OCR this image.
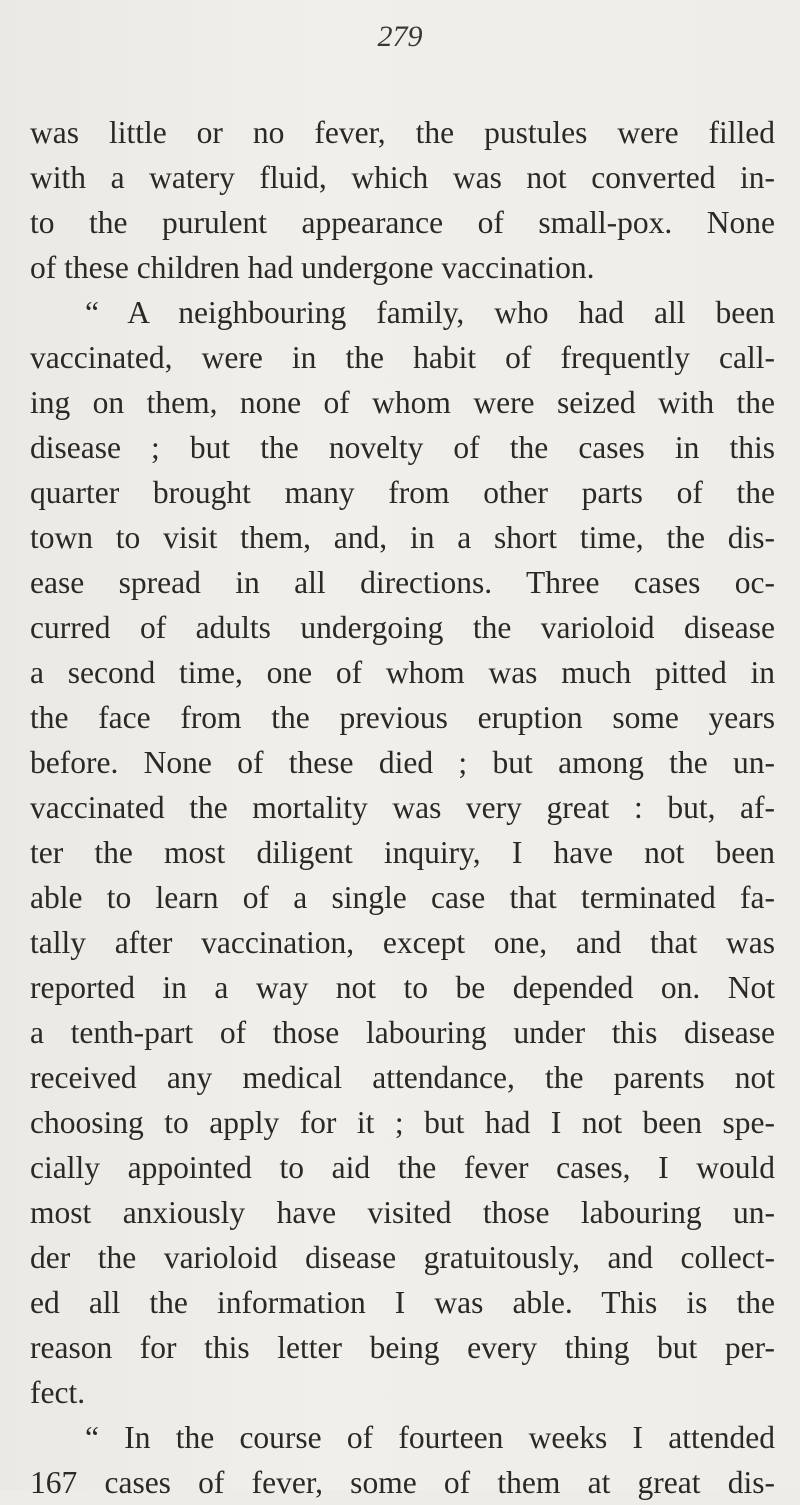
279
was little or no fever, the pustules were filled
with a watery fluid, which was not converted in-
to the purulent appearance of small-pox. None
of these children had undergone vaccination.
“ A neighbouring family, who had all been
vaccinated, were in the habit of frequently call-
ing on them, none of whom were seized with the
disease ; but the novelty of the cases in this
quarter brought many from other parts of the
town to visit them, and, in a short time, the dis-
ease spread in all directions. Three cases oc-
curred of adults undergoing the varioloid disease
a second time, one of whom was much pitted in
the face from the previous eruption some years
before. None of these died ; but among the un-
vaccinated the mortality was very great : but, af-
ter the most diligent inquiry, I have not been
able to learn of a single case that terminated fa-
tally after vaccination, except one, and that was
reported in a way not to be depended on. Not
a tenth-part of those labouring under this disease
received any medical attendance, the parents not
choosing to apply for it ; but had I not been spe-
cially appointed to aid the fever cases, I would
most anxiously have visited those labouring un-
der the varioloid disease gratuitously, and collect-
ed all the information I was able. This is the
reason for this letter being every thing but per-
fect.
“ In the course of fourteen weeks I attended
167 cases of fever, some of them at great dis-
